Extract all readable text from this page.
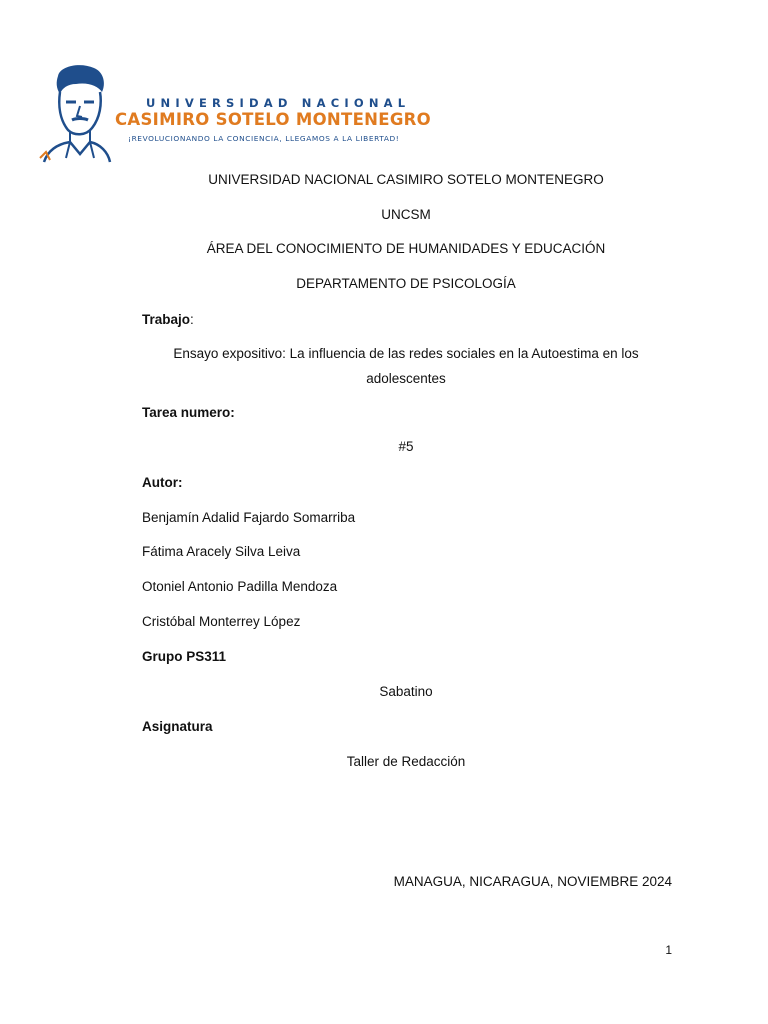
UNIVERSIDAD NACIONAL
CASIMIRO SOTELO MONTENEGRO
¡REVOLUCIONANDO LA CONCIENCIA, LLEGAMOS A LA LIBERTAD!
UNIVERSIDAD NACIONAL CASIMIRO SOTELO MONTENEGRO
UNCSM
ÁREA DEL CONOCIMIENTO DE HUMANIDADES Y EDUCACIÓN
DEPARTAMENTO DE PSICOLOGÍA
Trabajo:
Ensayo expositivo: La influencia de las redes sociales en la Autoestima en los adolescentes
Tarea numero:
#5
Autor:
Benjamín Adalid Fajardo Somarriba
Fátima Aracely Silva Leiva
Otoniel Antonio Padilla Mendoza
Cristóbal Monterrey López
Grupo PS311
Sabatino
Asignatura
Taller de Redacción
MANAGUA, NICARAGUA, NOVIEMBRE 2024
1
